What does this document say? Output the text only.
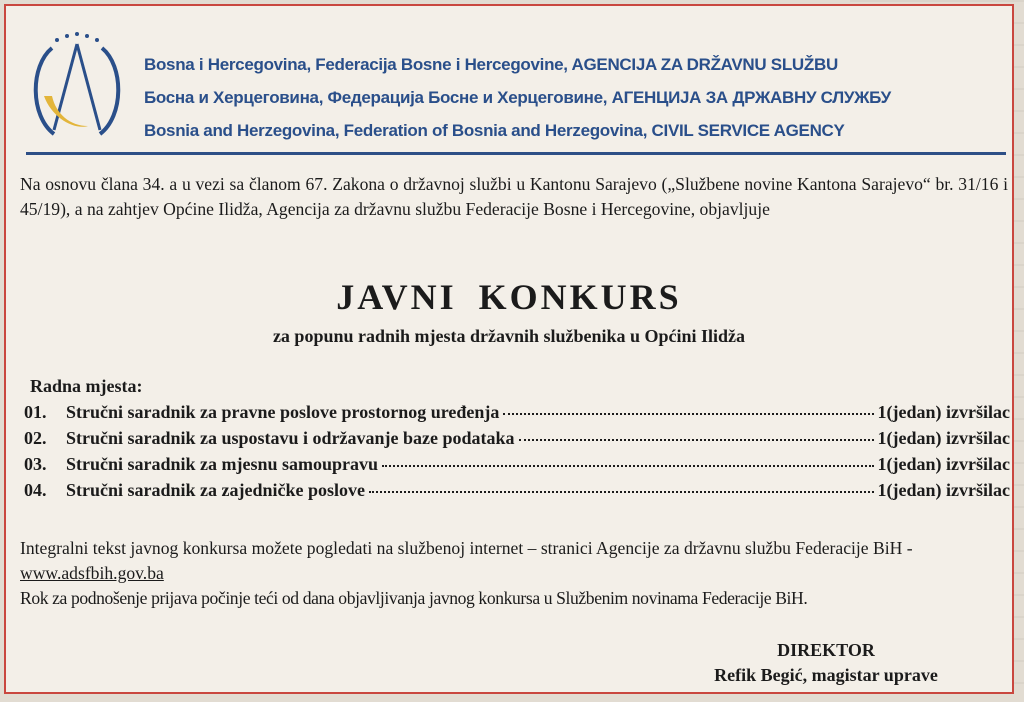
Bosna i Hercegovina, Federacija Bosne i Hercegovine, AGENCIJA ZA DRŽAVNU SLUŽBU
Босна и Херцеговина, Федерација Босне и Херцеговине, АГЕНЦИЈА ЗА ДРЖАВНУ СЛУЖБУ
Bosnia and Herzegovina, Federation of Bosnia and Herzegovina, CIVIL SERVICE AGENCY
Na osnovu člana 34. a u vezi sa članom 67. Zakona o državnoj službi u Kantonu Sarajevo („Službene novine Kantona Sarajevo“ br. 31/16 i 45/19), a na zahtjev Općine Ilidža, Agencija za državnu službu Federacije Bosne i Hercegovine, objavljuje
JAVNI KONKURS
za popunu radnih mjesta državnih službenika u Općini Ilidža
Radna mjesta:
01.	Stručni saradnik za pravne poslove prostornog uređenja	1(jedan) izvršilac
02.	Stručni saradnik za uspostavu i održavanje baze podataka	1(jedan) izvršilac
03.	Stručni saradnik za mjesnu samoupravu	1(jedan) izvršilac
04.	Stručni saradnik za zajedničke poslove	1(jedan) izvršilac
Integralni tekst javnog konkursa možete pogledati na službenoj internet – stranici Agencije za državnu službu Federacije BiH - www.adsfbih.gov.ba
Rok za podnošenje prijava počinje teći od dana objavljivanja javnog konkursa u Službenim novinama Federacije BiH.
DIREKTOR
Refik Begić, magistar uprave
